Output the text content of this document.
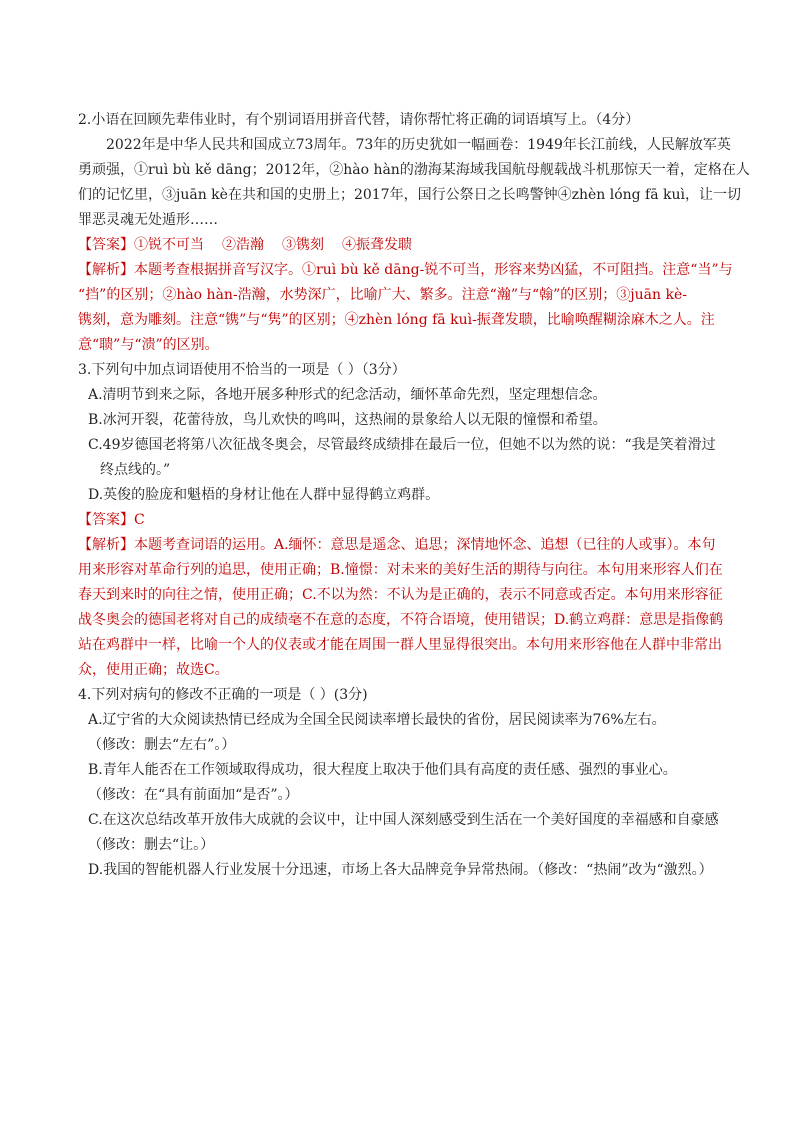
2.小语在回顾先辈伟业时，有个别词语用拼音代替，请你帮忙将正确的词语填写上。（4分）
2022年是中华人民共和国成立73周年。73年的历史犹如一幅画卷：1949年长江前线，人民解放军英
勇顽强，①ruì bù kě dāng；2012年，②hào hàn的渤海某海域我国航母舰载战斗机那惊天一着，定格在人
们的记忆里，③juān kè在共和国的史册上；2017年，国行公祭日之长鸣警钟④zhèn lóng fā kuì，让一切
罪恶灵魂无处遁形……
【答案】①锐不可当 ②浩瀚 ③镌刻 ④振聋发聩
【解析】本题考查根据拼音写汉字。①ruì bù kě dāng-锐不可当，形容来势凶猛，不可阻挡。注意“当”与
“挡”的区别；②hào hàn-浩瀚，水势深广，比喻广大、繁多。注意“瀚”与“翰”的区别；③juān kè-
镌刻，意为雕刻。注意“镌”与“隽”的区别；④zhèn lóng fā kuì-振聋发聩，比喻唤醒糊涂麻木之人。注
意“聩”与“溃”的区别。
3.下列句中加点词语使用不恰当的一项是（ ）（3分）
A.清明节到来之际，各地开展多种形式的纪念活动，缅怀革命先烈，坚定理想信念。
B.冰河开裂，花蕾待放，鸟儿欢快的鸣叫，这热闹的景象给人以无限的憧憬和希望。
C.49岁德国老将第八次征战冬奥会，尽管最终成绩排在最后一位，但她不以为然的说：“我是笑着滑过
终点线的。”
D.英俊的脸庞和魁梧的身材让他在人群中显得鹤立鸡群。
【答案】C
【解析】本题考查词语的运用。A.缅怀：意思是遥念、追思；深情地怀念、追想（已往的人或事）。本句
用来形容对革命行列的追思，使用正确；B.憧憬：对未来的美好生活的期待与向往。本句用来形容人们在
春天到来时的向往之情，使用正确；C.不以为然：不认为是正确的，表示不同意或否定。本句用来形容征
战冬奥会的德国老将对自己的成绩毫不在意的态度，不符合语境，使用错误；D.鹤立鸡群：意思是指像鹤
站在鸡群中一样，比喻一个人的仪表或才能在周围一群人里显得很突出。本句用来形容他在人群中非常出
众，使用正确；故选C。
4.下列对病句的修改不正确的一项是（ ）(3分)
A.辽宁省的大众阅读热情已经成为全国全民阅读率增长最快的省份，居民阅读率为76%左右。
（修改：删去“左右”。）
B.青年人能否在工作领域取得成功，很大程度上取决于他们具有高度的责任感、强烈的事业心。
（修改：在“具有前面加“是否”。）
C.在这次总结改革开放伟大成就的会议中，让中国人深刻感受到生活在一个美好国度的幸福感和自豪感
（修改：删去“让。）
D.我国的智能机器人行业发展十分迅速，市场上各大品牌竞争异常热闹。（修改：“热闹”改为“激烈。）
